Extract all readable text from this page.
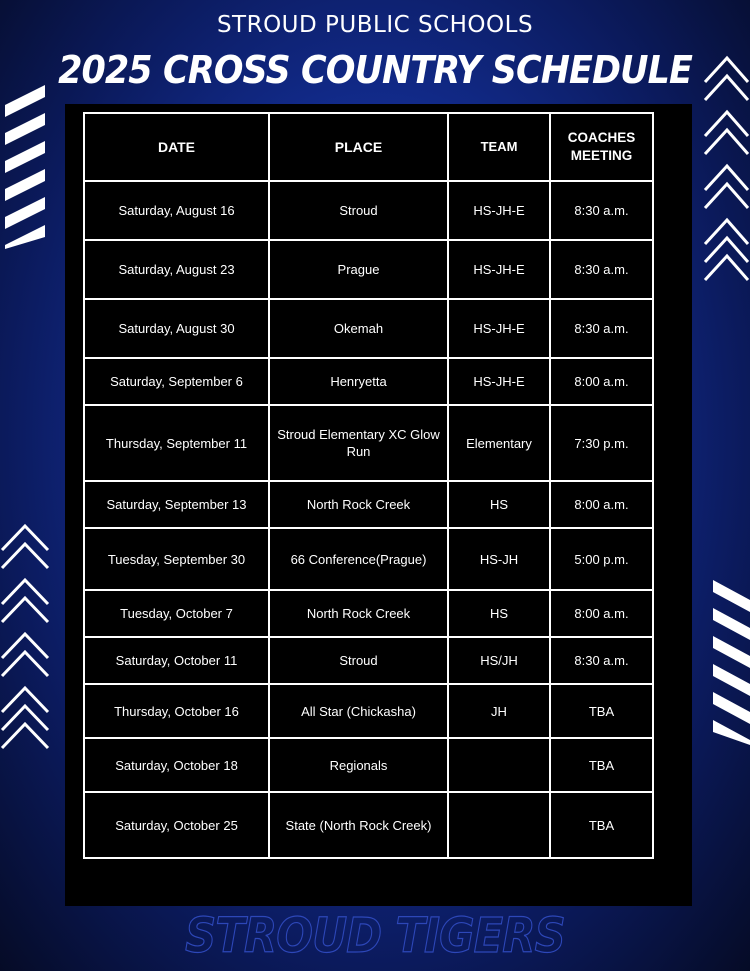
STROUD PUBLIC SCHOOLS
2025 CROSS COUNTRY SCHEDULE
DATE	PLACE	TEAM	COACHES
MEETING
Saturday, August 16	Stroud	HS-JH-E	8:30 a.m.
Saturday, August 23	Prague	HS-JH-E	8:30 a.m.
Saturday, August 30	Okemah	HS-JH-E	8:30 a.m.
Saturday, September 6	Henryetta	HS-JH-E	8:00 a.m.
Thursday, September 11	Stroud Elementary XC Glow Run	Elementary	7:30 p.m.
Saturday, September 13	North Rock Creek	HS	8:00 a.m.
Tuesday, September 30	66 Conference(Prague)	HS-JH	5:00 p.m.
Tuesday, October 7	North Rock Creek	HS	8:00 a.m.
Saturday, October 11	Stroud	HS/JH	8:30 a.m.
Thursday, October 16	All Star (Chickasha)	JH	TBA
Saturday, October 18	Regionals		TBA
Saturday, October 25	State (North Rock Creek)		TBA
STROUD TIGERS
